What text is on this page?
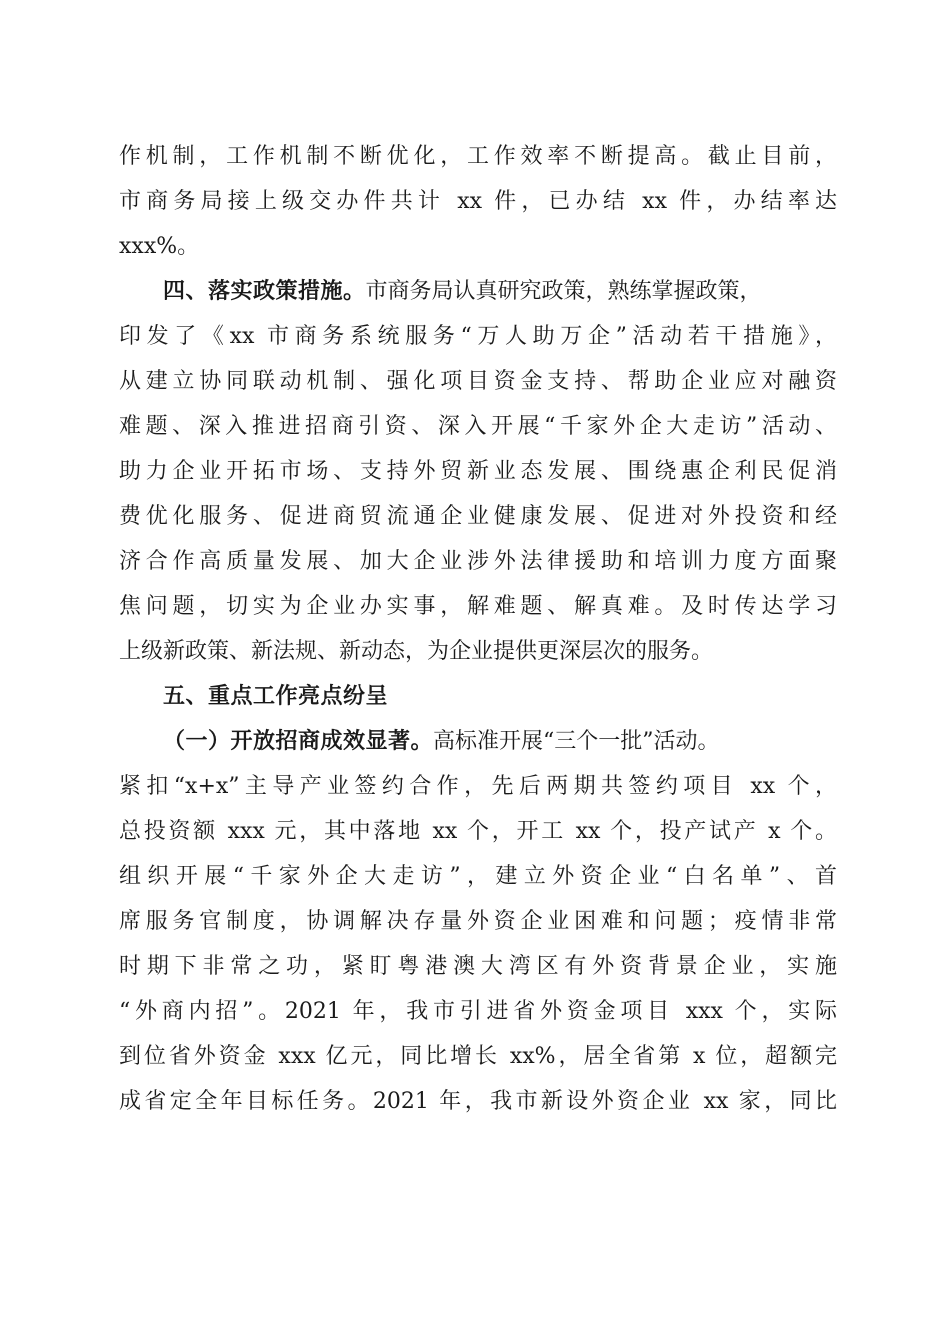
作机制，工作机制不断优化，工作效率不断提高。截止目前，
市商务局接上级交办件共计 xx 件，已办结 xx 件，办结率达
xxx%。
四、落实政策措施。市商务局认真研究政策，熟练掌握政策，
印发了《xx 市商务系统服务“万人助万企”活动若干措施》，
从建立协同联动机制、强化项目资金支持、帮助企业应对融资
难题、深入推进招商引资、深入开展“千家外企大走访”活动、
助力企业开拓市场、支持外贸新业态发展、围绕惠企利民促消
费优化服务、促进商贸流通企业健康发展、促进对外投资和经
济合作高质量发展、加大企业涉外法律援助和培训力度方面聚
焦问题，切实为企业办实事，解难题、解真难。及时传达学习
上级新政策、新法规、新动态，为企业提供更深层次的服务。
五、重点工作亮点纷呈
（一）开放招商成效显著。高标准开展“三个一批”活动。
紧扣“x+x”主导产业签约合作，先后两期共签约项目 xx 个，
总投资额 xxx 元，其中落地 xx 个，开工 xx 个，投产试产 x 个。
组织开展“千家外企大走访”，建立外资企业“白名单”、首
席服务官制度，协调解决存量外资企业困难和问题；疫情非常
时期下非常之功，紧盯粤港澳大湾区有外资背景企业，实施
“外商内招”。2021 年，我市引进省外资金项目 xxx 个，实际
到位省外资金 xxx 亿元，同比增长 xx%，居全省第 x 位，超额完
成省定全年目标任务。2021 年，我市新设外资企业 xx 家，同比
